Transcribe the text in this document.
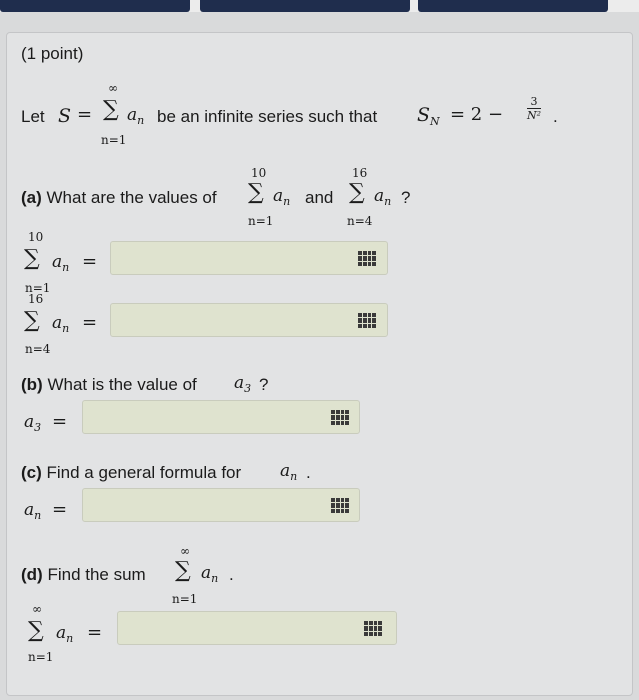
(1 point)
Let S =
∞
∑
n=1
$a_n$ be an infinite series such that $S_N = 2 - \frac{3}{\text{N²}}$ .
(a) What are the values of
10
∑
n=1
$a_n$ and
16
∑
n=4
$a_n$ ?
10
∑
n=1
$a_n$ =
16
∑
n=4
$a_n$ =
(b) What is the value of $a_3$ ?
$a_3$ =
(c) Find a general formula for $a_n$ .
$a_n$ =
(d) Find the sum
∞
∑
n=1
$a_n$ .
∞
∑
n=1
$a_n$ =
